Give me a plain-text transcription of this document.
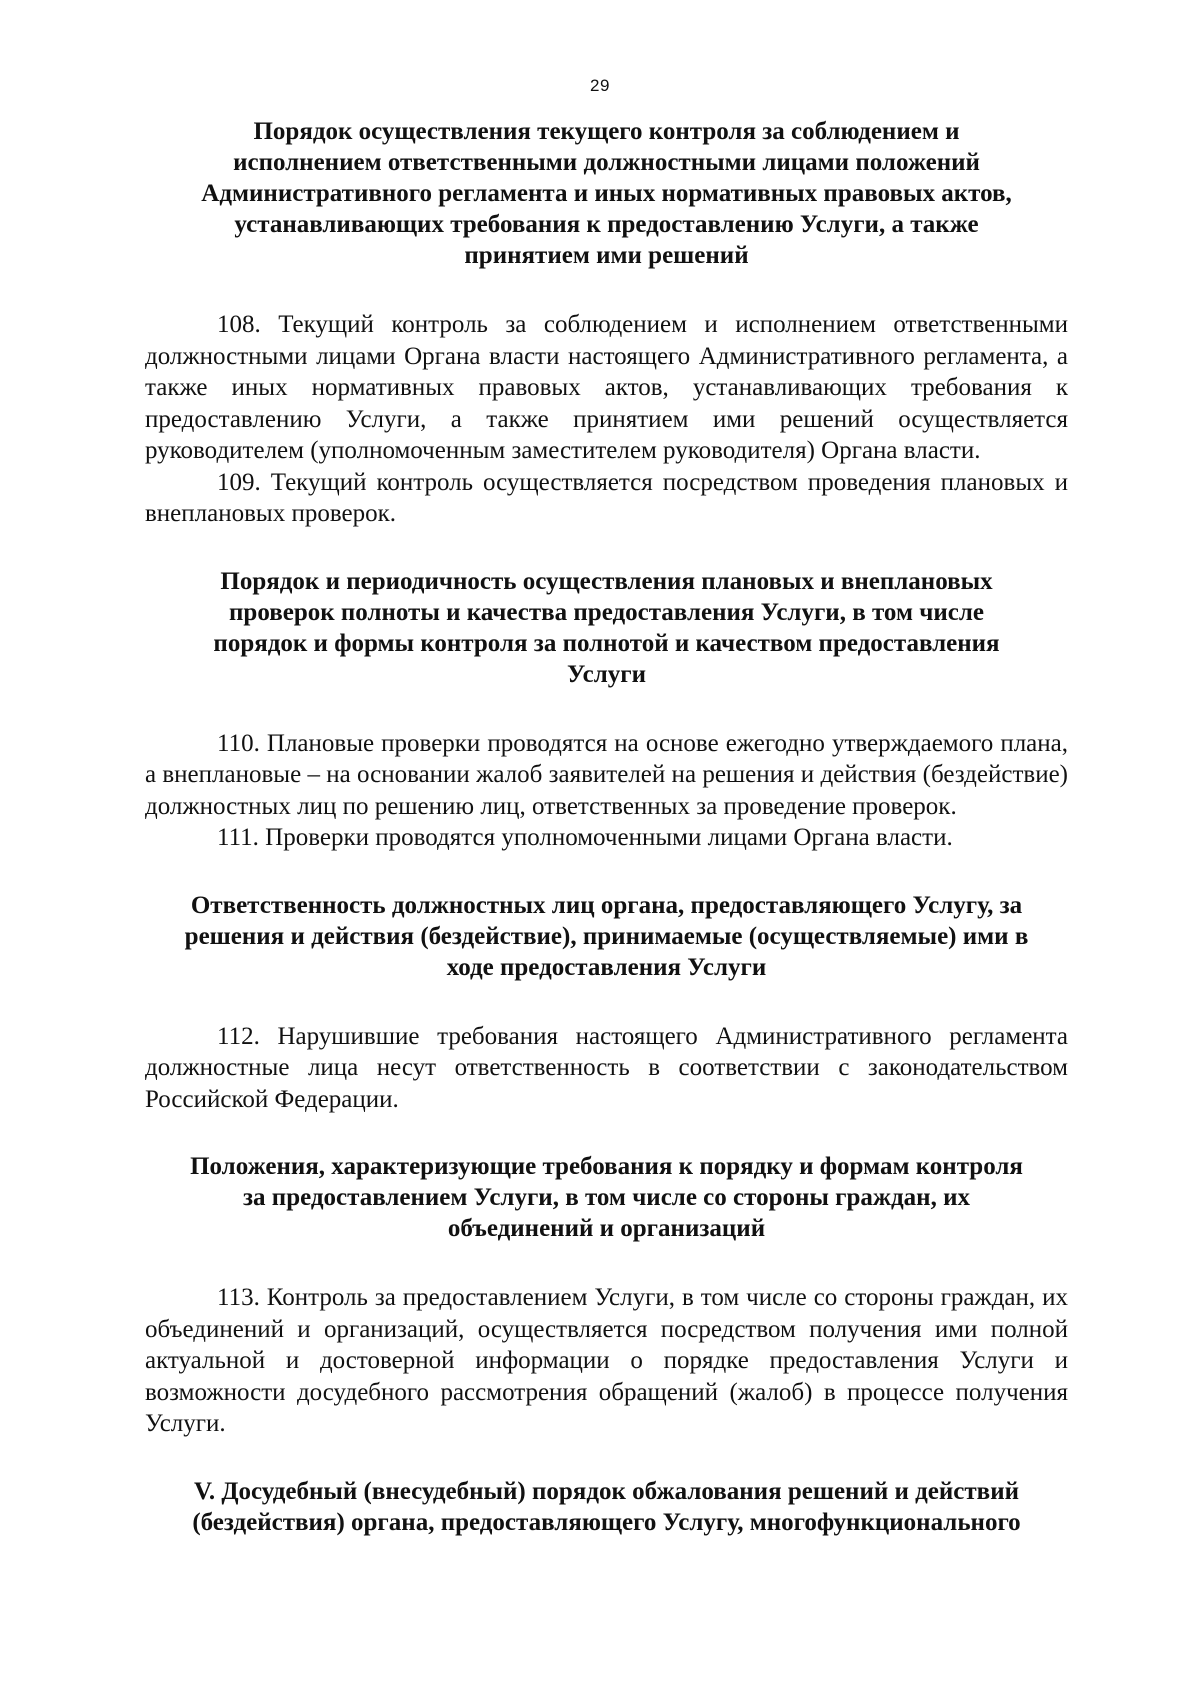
29
Порядок осуществления текущего контроля за соблюдением и
исполнением ответственными должностными лицами положений
Административного регламента и иных нормативных правовых актов,
устанавливающих требования к предоставлению Услуги, а также
принятием ими решений

108. Текущий контроль за соблюдением и исполнением ответственными должностными лицами Органа власти настоящего Административного регламента, а также иных нормативных правовых актов, устанавливающих требования к предоставлению Услуги, а также принятием ими решений осуществляется руководителем (уполномоченным заместителем руководителя) Органа власти.

109. Текущий контроль осуществляется посредством проведения плановых и внеплановых проверок.

Порядок и периодичность осуществления плановых и внеплановых
проверок полноты и качества предоставления Услуги, в том числе
порядок и формы контроля за полнотой и качеством предоставления
Услуги

110. Плановые проверки проводятся на основе ежегодно утверждаемого плана, а внеплановые – на основании жалоб заявителей на решения и действия (бездействие) должностных лиц по решению лиц, ответственных за проведение проверок.

111. Проверки проводятся уполномоченными лицами Органа власти.

Ответственность должностных лиц органа, предоставляющего Услугу, за
решения и действия (бездействие), принимаемые (осуществляемые) ими в
ходе предоставления Услуги

112. Нарушившие требования настоящего Административного регламента должностные лица несут ответственность в соответствии с законодательством Российской Федерации.

Положения, характеризующие требования к порядку и формам контроля
за предоставлением Услуги, в том числе со стороны граждан, их
объединений и организаций

113. Контроль за предоставлением Услуги, в том числе со стороны граждан, их объединений и организаций, осуществляется посредством получения ими полной актуальной и достоверной информации о порядке предоставления Услуги и возможности досудебного рассмотрения обращений (жалоб) в процессе получения Услуги.

V. Досудебный (внесудебный) порядок обжалования решений и действий
(бездействия) органа, предоставляющего Услугу, многофункционального
